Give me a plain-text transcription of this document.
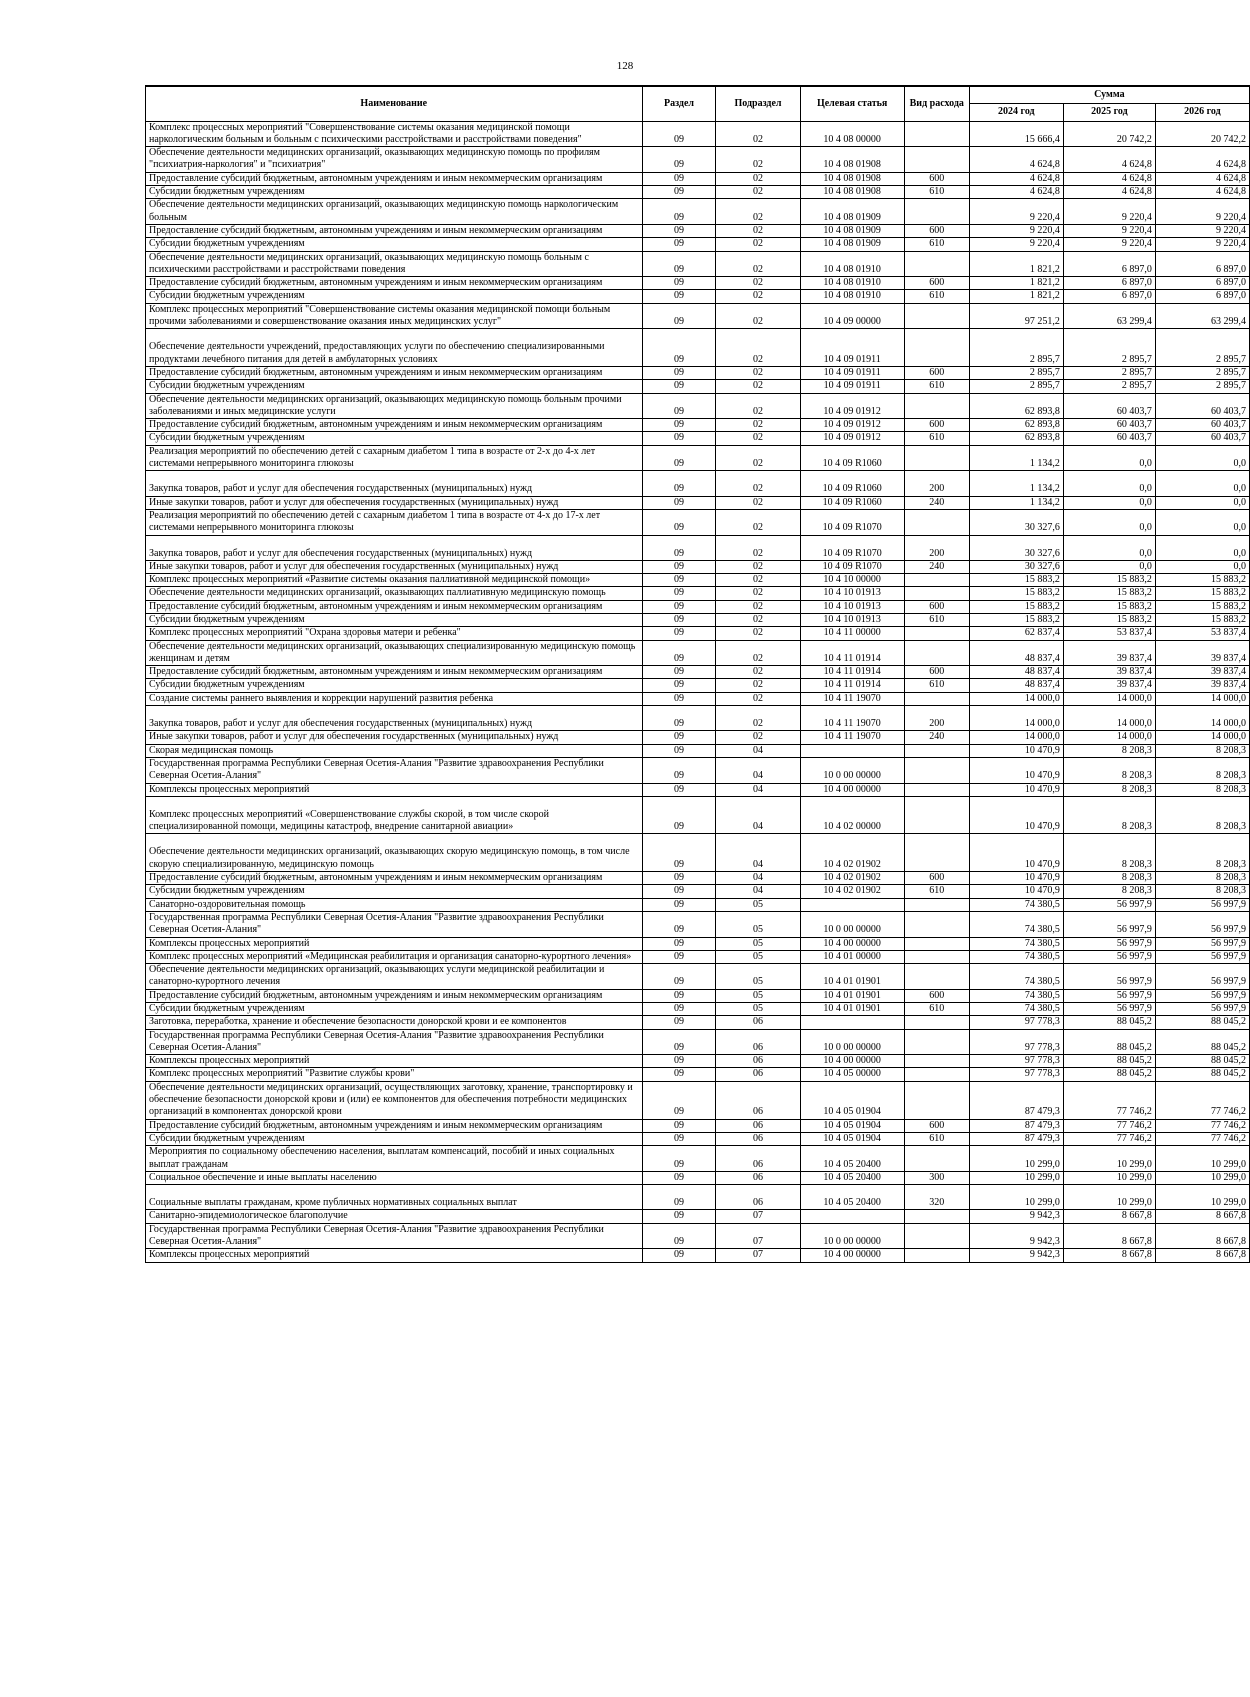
128
Наименование	Раздел	Подраздел	Целевая статья	Вид расхода	Сумма		
					2024 год	2025 год	2026 год
Комплекс процессных мероприятий "Совершенствование системы оказания медицинской помощи наркологическим больным и больным с психическими расстройствами и расстройствами поведения"	09	02	10 4 08 00000		15 666,4	20 742,2	20 742,2
Обеспечение деятельности медицинских организаций, оказывающих медицинскую помощь по профилям "психиатрия-наркология" и "психиатрия"	09	02	10 4 08 01908		4 624,8	4 624,8	4 624,8
Предоставление субсидий бюджетным, автономным учреждениям и иным некоммерческим организациям	09	02	10 4 08 01908	600	4 624,8	4 624,8	4 624,8
Субсидии бюджетным учреждениям	09	02	10 4 08 01908	610	4 624,8	4 624,8	4 624,8
Обеспечение деятельности медицинских организаций, оказывающих медицинскую помощь наркологическим больным	09	02	10 4 08 01909		9 220,4	9 220,4	9 220,4
Предоставление субсидий бюджетным, автономным учреждениям и иным некоммерческим организациям	09	02	10 4 08 01909	600	9 220,4	9 220,4	9 220,4
Субсидии бюджетным учреждениям	09	02	10 4 08 01909	610	9 220,4	9 220,4	9 220,4
Обеспечение деятельности медицинских организаций, оказывающих медицинскую помощь больным с психическими расстройствами и расстройствами поведения	09	02	10 4 08 01910		1 821,2	6 897,0	6 897,0
Предоставление субсидий бюджетным, автономным учреждениям и иным некоммерческим организациям	09	02	10 4 08 01910	600	1 821,2	6 897,0	6 897,0
Субсидии бюджетным учреждениям	09	02	10 4 08 01910	610	1 821,2	6 897,0	6 897,0
Комплекс процессных мероприятий "Совершенствование системы оказания медицинской помощи больным прочими заболеваниями и совершенствование оказания иных медицинских услуг"	09	02	10 4 09 00000		97 251,2	63 299,4	63 299,4
Обеспечение деятельности учреждений, предоставляющих услуги по обеспечению специализированными продуктами лечебного питания для детей в амбулаторных условиях	09	02	10 4 09 01911		2 895,7	2 895,7	2 895,7
Предоставление субсидий бюджетным, автономным учреждениям и иным некоммерческим организациям	09	02	10 4 09 01911	600	2 895,7	2 895,7	2 895,7
Субсидии бюджетным учреждениям	09	02	10 4 09 01911	610	2 895,7	2 895,7	2 895,7
Обеспечение деятельности медицинских организаций, оказывающих медицинскую помощь больным прочими заболеваниями и иных медицинские услуги	09	02	10 4 09 01912		62 893,8	60 403,7	60 403,7
Предоставление субсидий бюджетным, автономным учреждениям и иным некоммерческим организациям	09	02	10 4 09 01912	600	62 893,8	60 403,7	60 403,7
Субсидии бюджетным учреждениям	09	02	10 4 09 01912	610	62 893,8	60 403,7	60 403,7
Реализация мероприятий по обеспечению детей с сахарным диабетом 1 типа в возрасте от 2-х до 4-х лет системами непрерывного мониторинга глюкозы	09	02	10 4 09 R1060		1 134,2	0,0	0,0
Закупка товаров, работ и услуг для обеспечения государственных (муниципальных) нужд	09	02	10 4 09 R1060	200	1 134,2	0,0	0,0
Иные закупки товаров, работ и услуг для обеспечения государственных (муниципальных) нужд	09	02	10 4 09 R1060	240	1 134,2	0,0	0,0
Реализация мероприятий по обеспечению детей с сахарным диабетом 1 типа в возрасте от 4-х до 17-х лет системами непрерывного мониторинга глюкозы	09	02	10 4 09 R1070		30 327,6	0,0	0,0
Закупка товаров, работ и услуг для обеспечения государственных (муниципальных) нужд	09	02	10 4 09 R1070	200	30 327,6	0,0	0,0
Иные закупки товаров, работ и услуг для обеспечения государственных (муниципальных) нужд	09	02	10 4 09 R1070	240	30 327,6	0,0	0,0
Комплекс процессных мероприятий «Развитие системы оказания паллиативной медицинской помощи»	09	02	10 4 10 00000		15 883,2	15 883,2	15 883,2
Обеспечение деятельности медицинских организаций, оказывающих паллиативную медицинскую помощь	09	02	10 4 10 01913		15 883,2	15 883,2	15 883,2
Предоставление субсидий бюджетным, автономным учреждениям и иным некоммерческим организациям	09	02	10 4 10 01913	600	15 883,2	15 883,2	15 883,2
Субсидии бюджетным учреждениям	09	02	10 4 10 01913	610	15 883,2	15 883,2	15 883,2
Комплекс процессных мероприятий "Охрана здоровья матери и ребенка"	09	02	10 4 11 00000		62 837,4	53 837,4	53 837,4
Обеспечение деятельности медицинских организаций, оказывающих специализированную медицинскую помощь женщинам и детям	09	02	10 4 11 01914		48 837,4	39 837,4	39 837,4
Предоставление субсидий бюджетным, автономным учреждениям и иным некоммерческим организациям	09	02	10 4 11 01914	600	48 837,4	39 837,4	39 837,4
Субсидии бюджетным учреждениям	09	02	10 4 11 01914	610	48 837,4	39 837,4	39 837,4
Создание системы раннего выявления и коррекции нарушений развития ребенка	09	02	10 4 11 19070		14 000,0	14 000,0	14 000,0
Закупка товаров, работ и услуг для обеспечения государственных (муниципальных) нужд	09	02	10 4 11 19070	200	14 000,0	14 000,0	14 000,0
Иные закупки товаров, работ и услуг для обеспечения государственных (муниципальных) нужд	09	02	10 4 11 19070	240	14 000,0	14 000,0	14 000,0
Скорая медицинская помощь	09	04			10 470,9	8 208,3	8 208,3
Государственная программа Республики Северная Осетия-Алания "Развитие здравоохранения Республики Северная Осетия-Алания"	09	04	10 0 00 00000		10 470,9	8 208,3	8 208,3
Комплексы процессных мероприятий	09	04	10 4 00 00000		10 470,9	8 208,3	8 208,3
Комплекс процессных мероприятий «Совершенствование службы скорой, в том числе скорой специализированной помощи, медицины катастроф, внедрение санитарной авиации»	09	04	10 4 02 00000		10 470,9	8 208,3	8 208,3
Обеспечение деятельности медицинских организаций, оказывающих скорую медицинскую помощь, в том числе скорую специализированную, медицинскую помощь	09	04	10 4 02 01902		10 470,9	8 208,3	8 208,3
Предоставление субсидий бюджетным, автономным учреждениям и иным некоммерческим организациям	09	04	10 4 02 01902	600	10 470,9	8 208,3	8 208,3
Субсидии бюджетным учреждениям	09	04	10 4 02 01902	610	10 470,9	8 208,3	8 208,3
Санаторно-оздоровительная помощь	09	05			74 380,5	56 997,9	56 997,9
Государственная программа Республики Северная Осетия-Алания "Развитие здравоохранения Республики Северная Осетия-Алания"	09	05	10 0 00 00000		74 380,5	56 997,9	56 997,9
Комплексы процессных мероприятий	09	05	10 4 00 00000		74 380,5	56 997,9	56 997,9
Комплекс процессных мероприятий «Медицинская реабилитация и организация санаторно-курортного лечения»	09	05	10 4 01 00000		74 380,5	56 997,9	56 997,9
Обеспечение деятельности медицинских организаций, оказывающих услуги медицинской реабилитации и санаторно-курортного лечения	09	05	10 4 01 01901		74 380,5	56 997,9	56 997,9
Предоставление субсидий бюджетным, автономным учреждениям и иным некоммерческим организациям	09	05	10 4 01 01901	600	74 380,5	56 997,9	56 997,9
Субсидии бюджетным учреждениям	09	05	10 4 01 01901	610	74 380,5	56 997,9	56 997,9
Заготовка, переработка, хранение и обеспечение безопасности донорской крови и ее компонентов	09	06			97 778,3	88 045,2	88 045,2
Государственная программа Республики Северная Осетия-Алания "Развитие здравоохранения Республики Северная Осетия-Алания"	09	06	10 0 00 00000		97 778,3	88 045,2	88 045,2
Комплексы процессных мероприятий	09	06	10 4 00 00000		97 778,3	88 045,2	88 045,2
Комплекс процессных мероприятий "Развитие службы крови"	09	06	10 4 05 00000		97 778,3	88 045,2	88 045,2
Обеспечение деятельности медицинских организаций, осуществляющих заготовку, хранение, транспортировку и обеспечение безопасности донорской крови и (или) ее компонентов для обеспечения потребности медицинских организаций в компонентах донорской крови	09	06	10 4 05 01904		87 479,3	77 746,2	77 746,2
Предоставление субсидий бюджетным, автономным учреждениям и иным некоммерческим организациям	09	06	10 4 05 01904	600	87 479,3	77 746,2	77 746,2
Субсидии бюджетным учреждениям	09	06	10 4 05 01904	610	87 479,3	77 746,2	77 746,2
Мероприятия по социальному обеспечению населения, выплатам компенсаций, пособий и иных социальных выплат гражданам	09	06	10 4 05 20400		10 299,0	10 299,0	10 299,0
Социальное обеспечение и иные выплаты населению	09	06	10 4 05 20400	300	10 299,0	10 299,0	10 299,0
Социальные выплаты гражданам, кроме публичных нормативных социальных выплат	09	06	10 4 05 20400	320	10 299,0	10 299,0	10 299,0
Санитарно-эпидемиологическое благополучие	09	07			9 942,3	8 667,8	8 667,8
Государственная программа Республики Северная Осетия-Алания "Развитие здравоохранения Республики Северная Осетия-Алания"	09	07	10 0 00 00000		9 942,3	8 667,8	8 667,8
Комплексы процессных мероприятий	09	07	10 4 00 00000		9 942,3	8 667,8	8 667,8
